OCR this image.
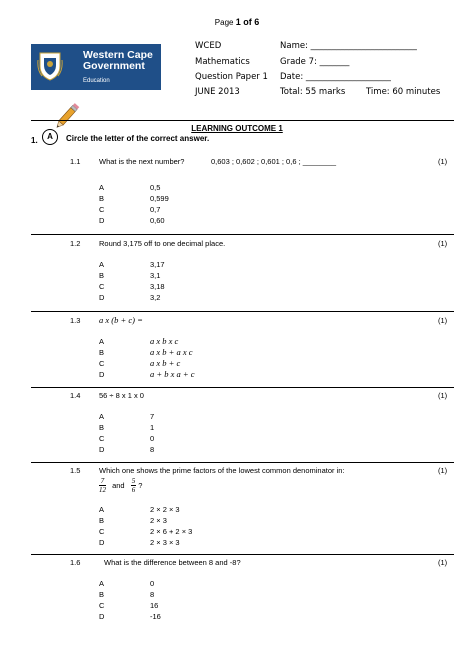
Page 1 of 6
Western Cape
Government
Education
WCED	Name: _________________________
Mathematics	Grade 7: _______
Question Paper 1 Date: ____________________
JUNE 2013	Total: 55 marks Time: 60 minutes
LEARNING OUTCOME 1
1.	A	Circle the letter of the correct answer.
1.1 What is the next number?	0,603 ; 0,602 ; 0,601 ; 0,6 ; ________	(1)
A	0,5
B	0,599
C	0,7
D	0,60
1.2 Round 3,175 off to one decimal place.	(1)
A	3,17
B	3,1
C	3,18
D	3,2
1.3 a x (b + c) =	(1)
A	a x b x c
B	a x b + a x c
C	a x b + c
D	a + b x a + c
1.4 56 ÷ 8 x 1 x 0	(1)
A	7
B	1
C	0
D	8
1.5 Which one shows the prime factors of the lowest common denominator in:	(1)
$\frac{7}{12}$ and $\frac{5}{6}$ ?
A	2 × 2 × 3
B	2 × 3
C	2 × 6 + 2 × 3
D	2 × 3 × 3
1.6	What is the difference between 8 and -8?	(1)
A	0
B	8
C	16
D	-16
